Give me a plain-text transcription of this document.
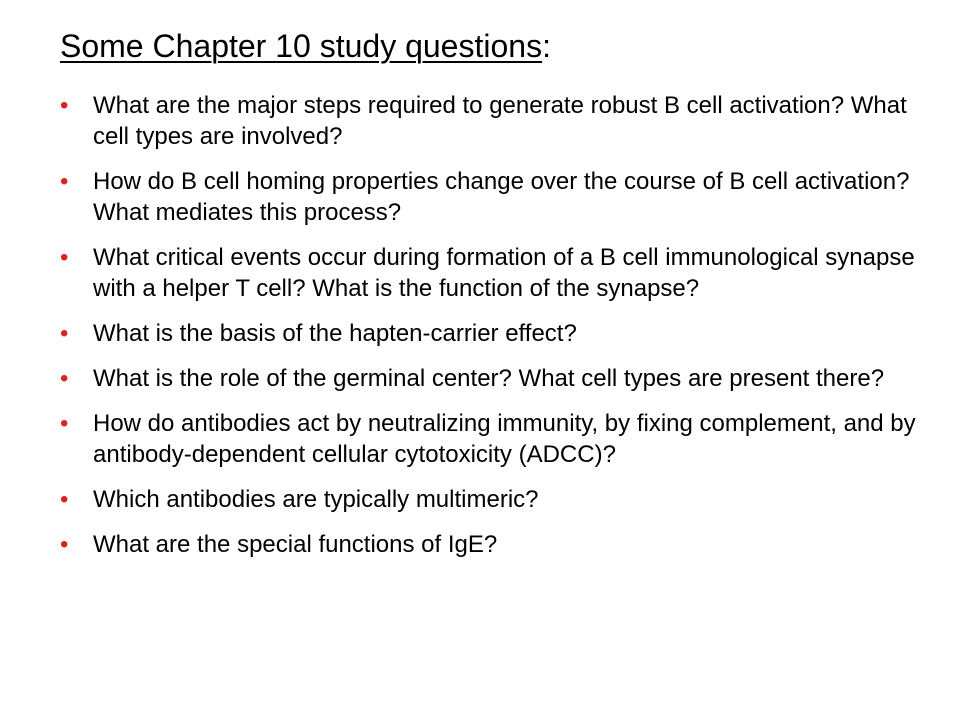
Some Chapter 10 study questions:
• What are the major steps required to generate robust B cell activation? What cell types are involved?
• How do B cell homing properties change over the course of B cell activation? What mediates this process?
• What critical events occur during formation of a B cell immunological synapse with a helper T cell? What is the function of the synapse?
• What is the basis of the hapten-carrier effect?
• What is the role of the germinal center? What cell types are present there?
• How do antibodies act by neutralizing immunity, by fixing complement, and by antibody-dependent cellular cytotoxicity (ADCC)?
• Which antibodies are typically multimeric?
• What are the special functions of IgE?
